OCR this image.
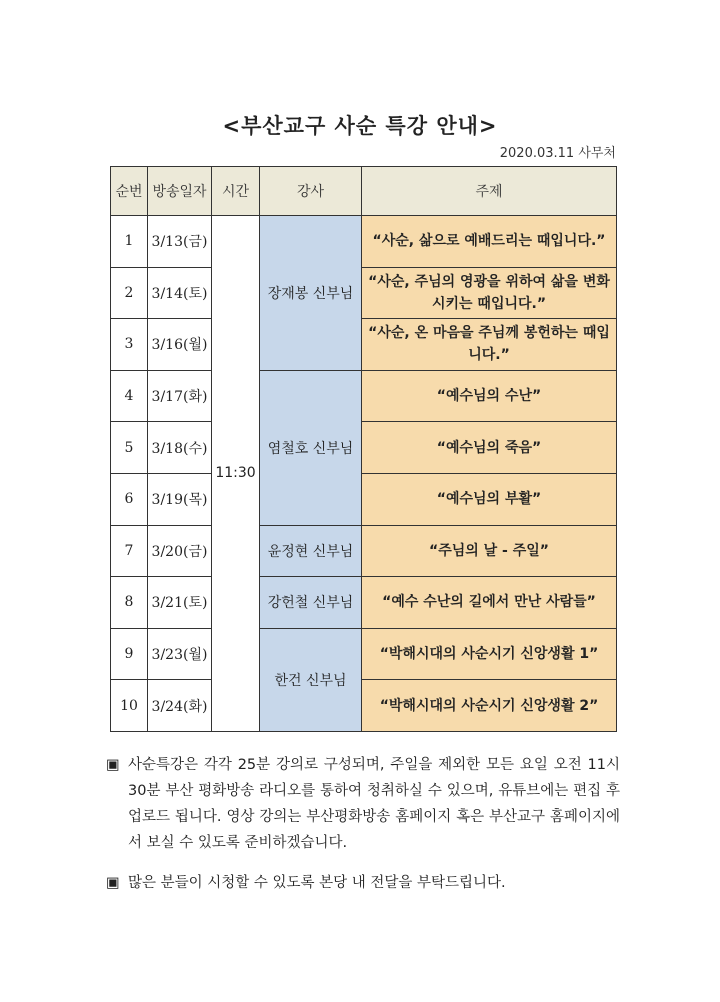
<부산교구 사순 특강 안내>
2020.03.11 사무처
순번	방송일자	시간	강사	주제
1	3/13(금)	11:30	장재봉 신부님	“사순, 삶으로 예배드리는 때입니다.”
2	3/14(토)			“사순, 주님의 영광을 위하여 삶을 변화시키는 때입니다.”
3	3/16(월)			“사순, 온 마음을 주님께 봉헌하는 때입니다.”
4	3/17(화)		염철호 신부님	“예수님의 수난”
5	3/18(수)			“예수님의 죽음”
6	3/19(목)			“예수님의 부활”
7	3/20(금)		윤정현 신부님	“주님의 날 - 주일”
8	3/21(토)		강헌철 신부님	“예수 수난의 길에서 만난 사람들”
9	3/23(월)		한건 신부님	“박해시대의 사순시기 신앙생활 1”
10	3/24(화)			“박해시대의 사순시기 신앙생활 2”
▣ 사순특강은 각각 25분 강의로 구성되며, 주일을 제외한 모든 요일 오전 11시 30분 부산 평화방송 라디오를 통하여 청취하실 수 있으며, 유튜브에는 편집 후 업로드 됩니다. 영상 강의는 부산평화방송 홈페이지 혹은 부산교구 홈페이지에서 보실 수 있도록 준비하겠습니다.
▣ 많은 분들이 시청할 수 있도록 본당 내 전달을 부탁드립니다.
